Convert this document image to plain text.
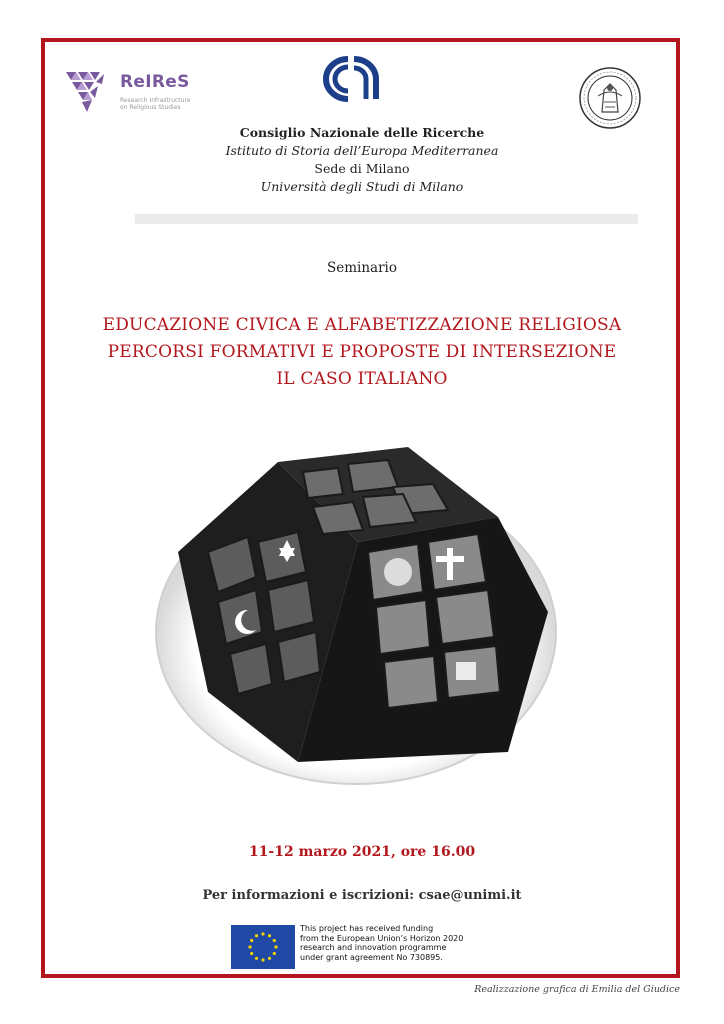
ReIReS
Research Infrastructure
on Religious Studies
Consiglio Nazionale delle Ricerche
Istituto di Storia dell’Europa Mediterranea
Sede di Milano
Università degli Studi di Milano
Seminario
EDUCAZIONE CIVICA E ALFABETIZZAZIONE RELIGIOSA
PERCORSI FORMATIVI E PROPOSTE DI INTERSEZIONE
IL CASO ITALIANO
11-12 marzo 2021, ore 16.00
Per informazioni e iscrizioni: csae@unimi.it
This project has received funding
from the European Union’s Horizon 2020
research and innovation programme
under grant agreement No 730895.
Realizzazione grafica di Emilia del Giudice
